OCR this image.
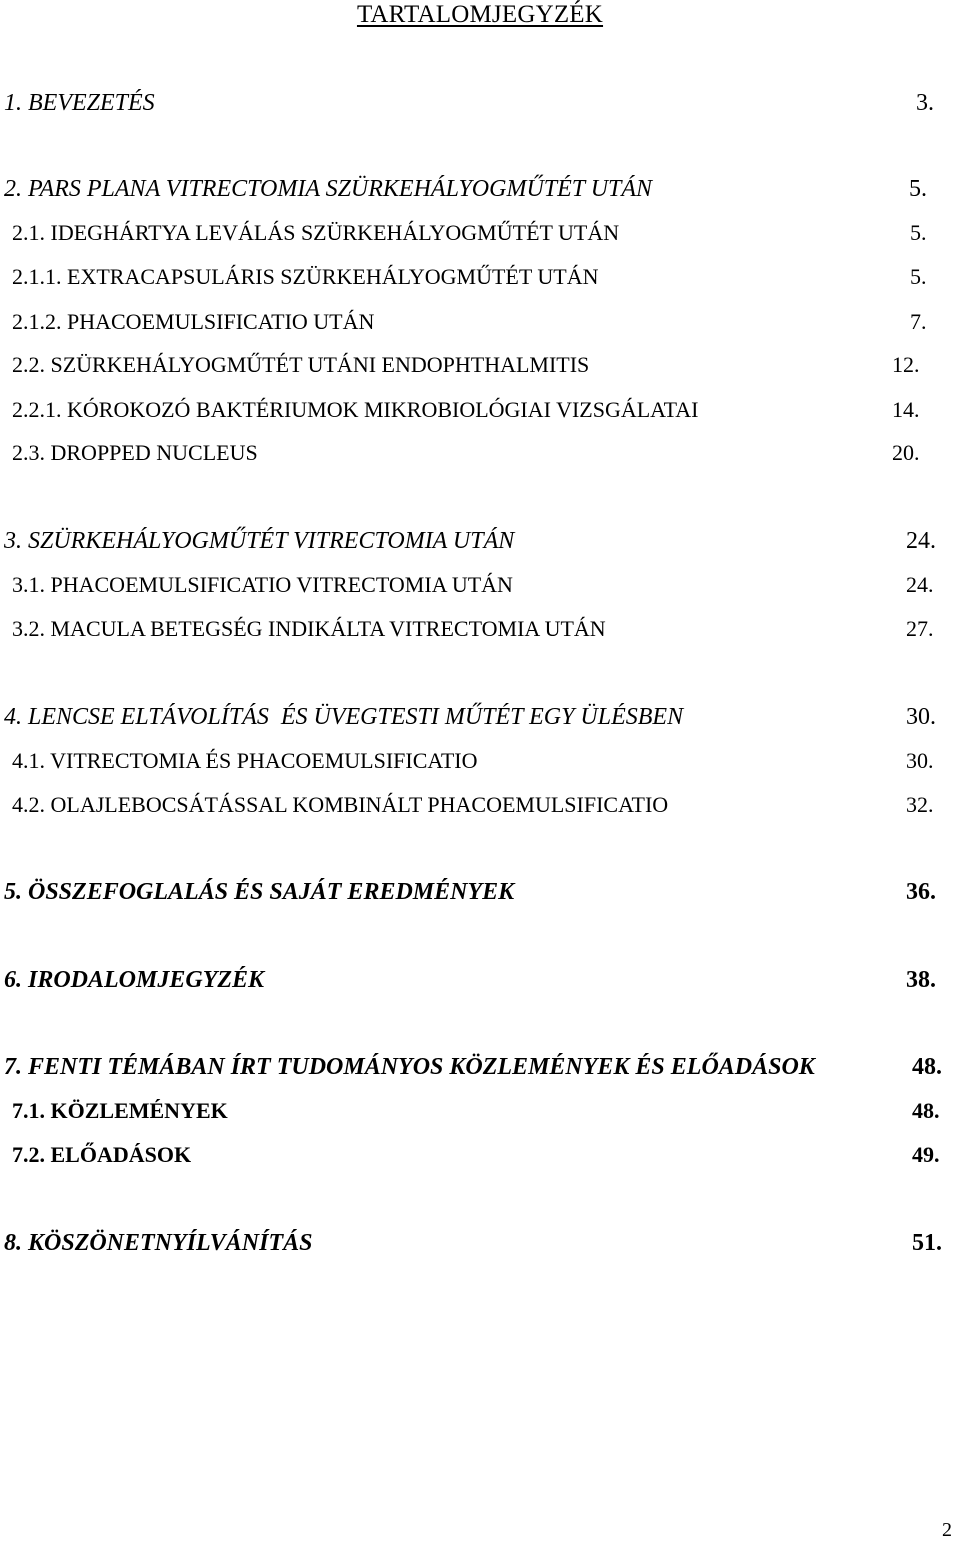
TARTALOMJEGYZÉK
1. BEVEZETÉS	3.
2. PARS PLANA VITRECTOMIA SZÜRKEHÁLYOGMŰTÉT UTÁN	5.
2.1. IDEGHÁRTYA LEVÁLÁS SZÜRKEHÁLYOGMŰTÉT UTÁN	5.
2.1.1. EXTRACAPSULÁRIS SZÜRKEHÁLYOGMŰTÉT UTÁN	5.
2.1.2. PHACOEMULSIFICATIO UTÁN	7.
2.2. SZÜRKEHÁLYOGMŰTÉT UTÁNI ENDOPHTHALMITIS	12.
2.2.1. KÓROKOZÓ BAKTÉRIUMOK MIKROBIOLÓGIAI VIZSGÁLATAI	14.
2.3. DROPPED NUCLEUS	20.
3. SZÜRKEHÁLYOGMŰTÉT VITRECTOMIA UTÁN	24.
3.1. PHACOEMULSIFICATIO VITRECTOMIA UTÁN	24.
3.2. MACULA BETEGSÉG INDIKÁLTA VITRECTOMIA UTÁN	27.
4. LENCSE ELTÁVOLÍTÁS  ÉS ÜVEGTESTI MŰTÉT EGY ÜLÉSBEN	30.
4.1. VITRECTOMIA ÉS PHACOEMULSIFICATIO	30.
4.2. OLAJLEBOCSÁTÁSSAL KOMBINÁLT PHACOEMULSIFICATIO	32.
5. ÖSSZEFOGLALÁS ÉS SAJÁT EREDMÉNYEK	36.
6. IRODALOMJEGYZÉK	38.
7. FENTI TÉMÁBAN ÍRT TUDOMÁNYOS KÖZLEMÉNYEK ÉS ELŐADÁSOK	48.
7.1. KÖZLEMÉNYEK	48.
7.2. ELŐADÁSOK	49.
8. KÖSZÖNETNYÍLVÁNÍTÁS	51.
2
